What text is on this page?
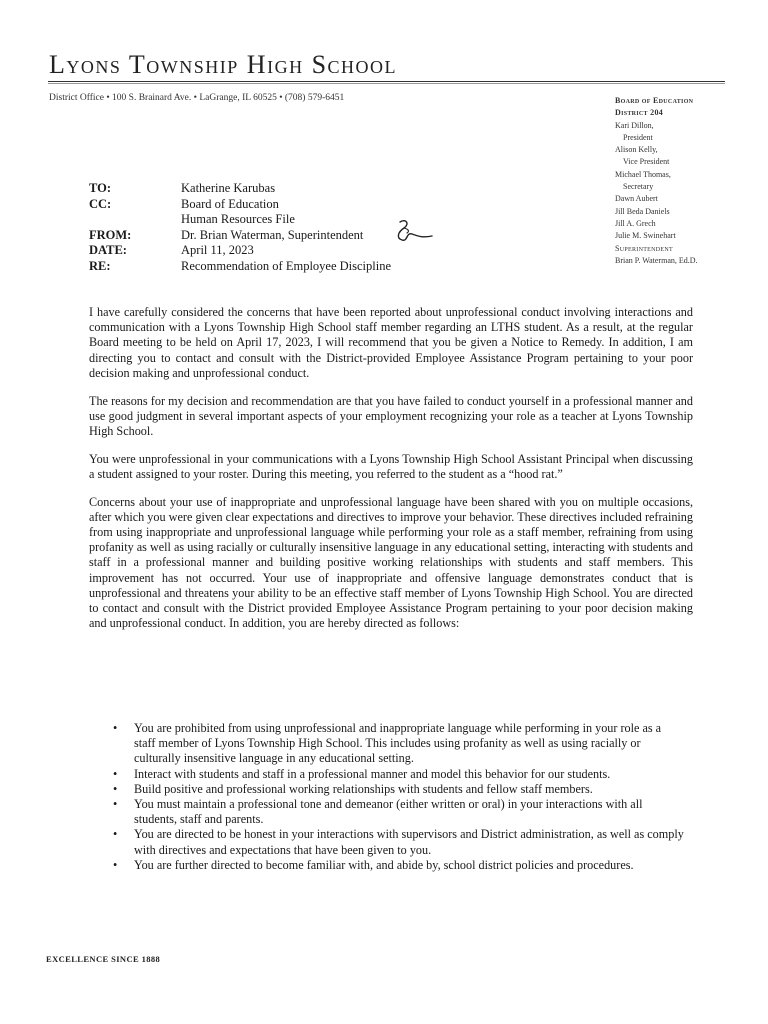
Lyons Township High School
District Office • 100 S. Brainard Ave. • LaGrange, IL 60525 • (708) 579-6451	Board of Education
District 204
Kari Dillon,
President
Alison Kelly,
Vice President
Michael Thomas,
Secretary
Dawn Aubert
Jill Beda Daniels
Jill A. Grech
Julie M. Swinehart
Superintendent
Brian P. Waterman, Ed.D.
TO:	Katherine Karubas
CC:	Board of Education
Human Resources File
FROM:	Dr. Brian Waterman, Superintendent
DATE:	April 11, 2023
RE:	Recommendation of Employee Discipline

I have carefully considered the concerns that have been reported about unprofessional conduct involving interactions and communication with a Lyons Township High School staff member regarding an LTHS student. As a result, at the regular Board meeting to be held on April 17, 2023, I will recommend that you be given a Notice to Remedy. In addition, I am directing you to contact and consult with the District-provided Employee Assistance Program pertaining to your poor decision making and unprofessional conduct.

The reasons for my decision and recommendation are that you have failed to conduct yourself in a professional manner and use good judgment in several important aspects of your employment recognizing your role as a teacher at Lyons Township High School.

You were unprofessional in your communications with a Lyons Township High School Assistant Principal when discussing a student assigned to your roster. During this meeting, you referred to the student as a “hood rat.”

Concerns about your use of inappropriate and unprofessional language have been shared with you on multiple occasions, after which you were given clear expectations and directives to improve your behavior. These directives included refraining from using inappropriate and unprofessional language while performing your role as a staff member, refraining from using profanity as well as using racially or culturally insensitive language in any educational setting, interacting with students and staff in a professional manner and building positive working relationships with students and staff members. This improvement has not occurred. Your use of inappropriate and offensive language demonstrates conduct that is unprofessional and threatens your ability to be an effective staff member of Lyons Township High School. You are directed to contact and consult with the District provided Employee Assistance Program pertaining to your poor decision making and unprofessional conduct. In addition, you are hereby directed as follows:

• You are prohibited from using unprofessional and inappropriate language while performing in your role as a staff member of Lyons Township High School. This includes using profanity as well as using racially or culturally insensitive language in any educational setting.
• Interact with students and staff in a professional manner and model this behavior for our students.
• Build positive and professional working relationships with students and fellow staff members.
• You must maintain a professional tone and demeanor (either written or oral) in your interactions with all students, staff and parents.
• You are directed to be honest in your interactions with supervisors and District administration, as well as comply with directives and expectations that have been given to you.
• You are further directed to become familiar with, and abide by, school district policies and procedures.
EXCELLENCE SINCE 1888
